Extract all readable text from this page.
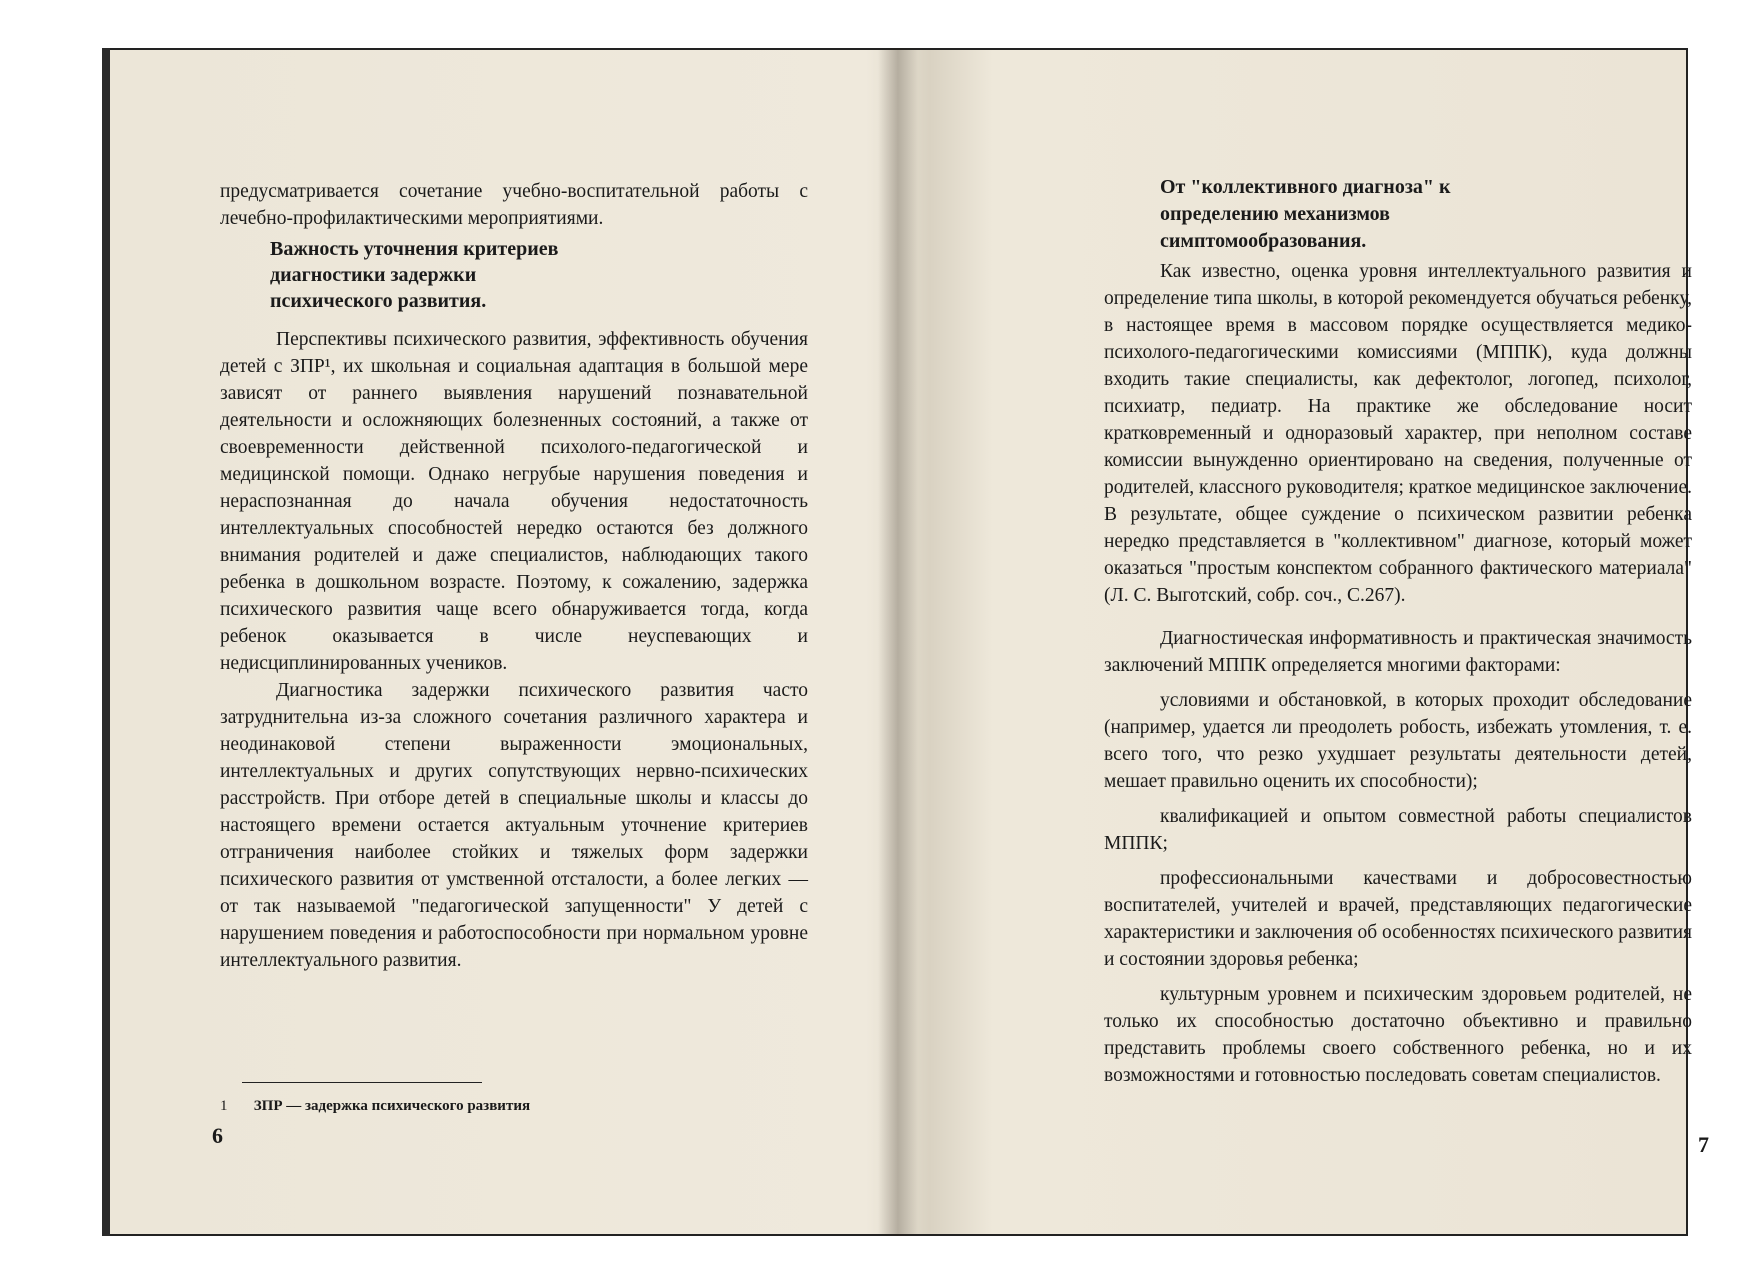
предусматривается сочетание учебно-воспитательной работы с лечебно-профилактическими мероприятиями.

Важность уточнения критериев диагностики задержки психического развития.

Перспективы психического развития, эффективность обучения детей с ЗПР¹, их школьная и социальная адаптация в большой мере зависят от раннего выявления нарушений познавательной деятельности и осложняющих болезненных состояний, а также от своевременности действенной психолого-педагогической и медицинской помощи. Однако негрубые нарушения поведения и нераспознанная до начала обучения недостаточность интеллектуальных способностей нередко остаются без должного внимания родителей и даже специалистов, наблюдающих такого ребенка в дошкольном возрасте. Поэтому, к сожалению, задержка психического развития чаще всего обнаруживается тогда, когда ребенок оказывается в числе неуспевающих и недисциплинированных учеников.

Диагностика задержки психического развития часто затруднительна из-за сложного сочетания различного характера и неодинаковой степени выраженности эмоциональных, интеллектуальных и других сопутствующих нервно-психических расстройств. При отборе детей в специальные школы и классы до настоящего времени остается актуальным уточнение критериев отграничения наиболее стойких и тяжелых форм задержки психического развития от умственной отсталости, а более легких — от так называемой "педагогической запущенности" У детей с нарушением поведения и работоспособности при нормальном уровне интеллектуального развития.

1 ЗПР — задержка психического развития
6
От "коллективного диагноза" к определению механизмов симптомообразования.

Как известно, оценка уровня интеллектуального развития и определение типа школы, в которой рекомендуется обучаться ребенку, в настоящее время в массовом порядке осуществляется медико-психолого-педагогическими комиссиями (МППК), куда должны входить такие специалисты, как дефектолог, логопед, психолог, психиатр, педиатр. На практике же обследование носит кратковременный и одноразовый характер, при неполном составе комиссии вынужденно ориентировано на сведения, полученные от родителей, классного руководителя; краткое медицинское заключение. В результате, общее суждение о психическом развитии ребенка нередко представляется в "коллективном" диагнозе, который может оказаться "простым конспектом собранного фактического материала" (Л. С. Выготский, собр. соч., С.267).

Диагностическая информативность и практическая значимость заключений МППК определяется многими факторами:

условиями и обстановкой, в которых проходит обследование (например, удается ли преодолеть робость, избежать утомления, т. е. всего того, что резко ухудшает результаты деятельности детей, мешает правильно оценить их способности);

квалификацией и опытом совместной работы специалистов МППК;

профессиональными качествами и добросовестностью воспитателей, учителей и врачей, представляющих педагогические характеристики и заключения об особенностях психического развития и состоянии здоровья ребенка;

культурным уровнем и психическим здоровьем родителей, не только их способностью достаточно объективно и правильно представить проблемы своего собственного ребенка, но и их возможностями и готовностью последовать советам специалистов.

7
